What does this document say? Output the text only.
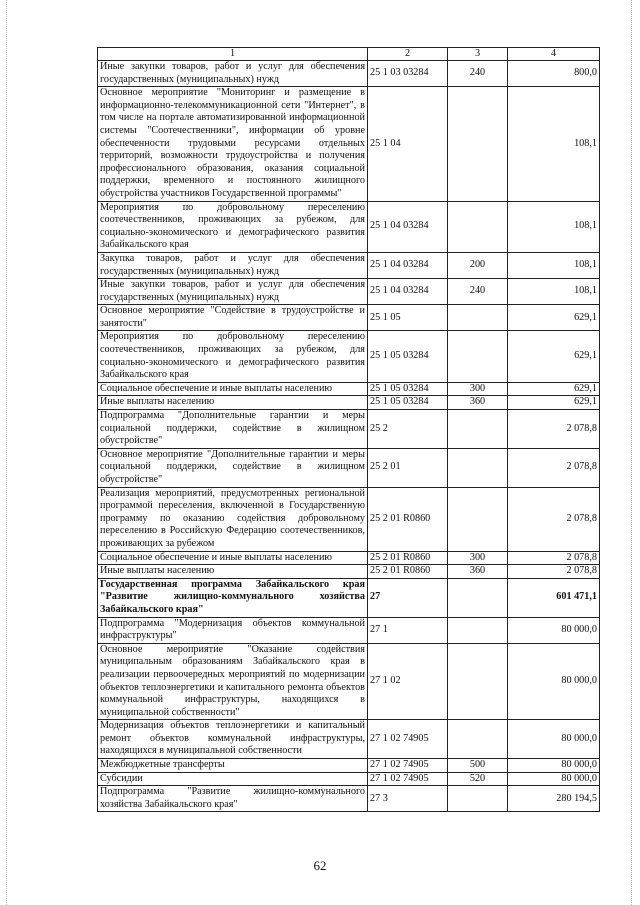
1	2	3	4
Иные закупки товаров, работ и услуг для обеспечения государственных (муниципальных) нужд	25 1 03 03284	240	800,0
Основное мероприятие "Мониторинг и размещение в информационно-телекоммуникационной сети "Интернет", в том числе на портале автоматизированной информационной системы "Соотечественники", информации об уровне обеспеченности трудовыми ресурсами отдельных территорий, возможности трудоустройства и получения профессионального образования, оказания социальной поддержки, временного и постоянного жилищного обустройства участников Государственной программы"	25 1 04		108,1
Мероприятия по добровольному переселению соотечественников, проживающих за рубежом, для социально-экономического и демографического развития Забайкальского края	25 1 04 03284		108,1
Закупка товаров, работ и услуг для обеспечения государственных (муниципальных) нужд	25 1 04 03284	200	108,1
Иные закупки товаров, работ и услуг для обеспечения государственных (муниципальных) нужд	25 1 04 03284	240	108,1
Основное мероприятие "Содействие в трудоустройстве и занятости"	25 1 05		629,1
Мероприятия по добровольному переселению соотечественников, проживающих за рубежом, для социально-экономического и демографического развития Забайкальского края	25 1 05 03284		629,1
Социальное обеспечение и иные выплаты населению	25 1 05 03284	300	629,1
Иные выплаты населению	25 1 05 03284	360	629,1
Подпрограмма "Дополнительные гарантии и меры социальной поддержки, содействие в жилищном обустройстве"	25 2		2 078,8
Основное мероприятие "Дополнительные гарантии и меры социальной поддержки, содействие в жилищном обустройстве"	25 2 01		2 078,8
Реализация мероприятий, предусмотренных региональной программой переселения, включенной в Государственную программу по оказанию содействия добровольному переселению в Российскую Федерацию соотечественников, проживающих за рубежом	25 2 01 R0860		2 078,8
Социальное обеспечение и иные выплаты населению	25 2 01 R0860	300	2 078,8
Иные выплаты населению	25 2 01 R0860	360	2 078,8
Государственная программа Забайкальского края "Развитие жилищно-коммунального хозяйства Забайкальского края"	27		601 471,1
Подпрограмма "Модернизация объектов коммунальной инфраструктуры"	27 1		80 000,0
Основное мероприятие "Оказание содействия муниципальным образованиям Забайкальского края в реализации первоочередных мероприятий по модернизации объектов теплоэнергетики и капитального ремонта объектов коммунальной инфраструктуры, находящихся в муниципальной собственности"	27 1 02		80 000,0
Модернизация объектов теплоэнергетики и капитальный ремонт объектов коммунальной инфраструктуры, находящихся в муниципальной собственности	27 1 02 74905		80 000,0
Межбюджетные трансферты	27 1 02 74905	500	80 000,0
Субсидии	27 1 02 74905	520	80 000,0
Подпрограмма "Развитие жилищно-коммунального хозяйства Забайкальского края"	27 3		280 194,5
62
